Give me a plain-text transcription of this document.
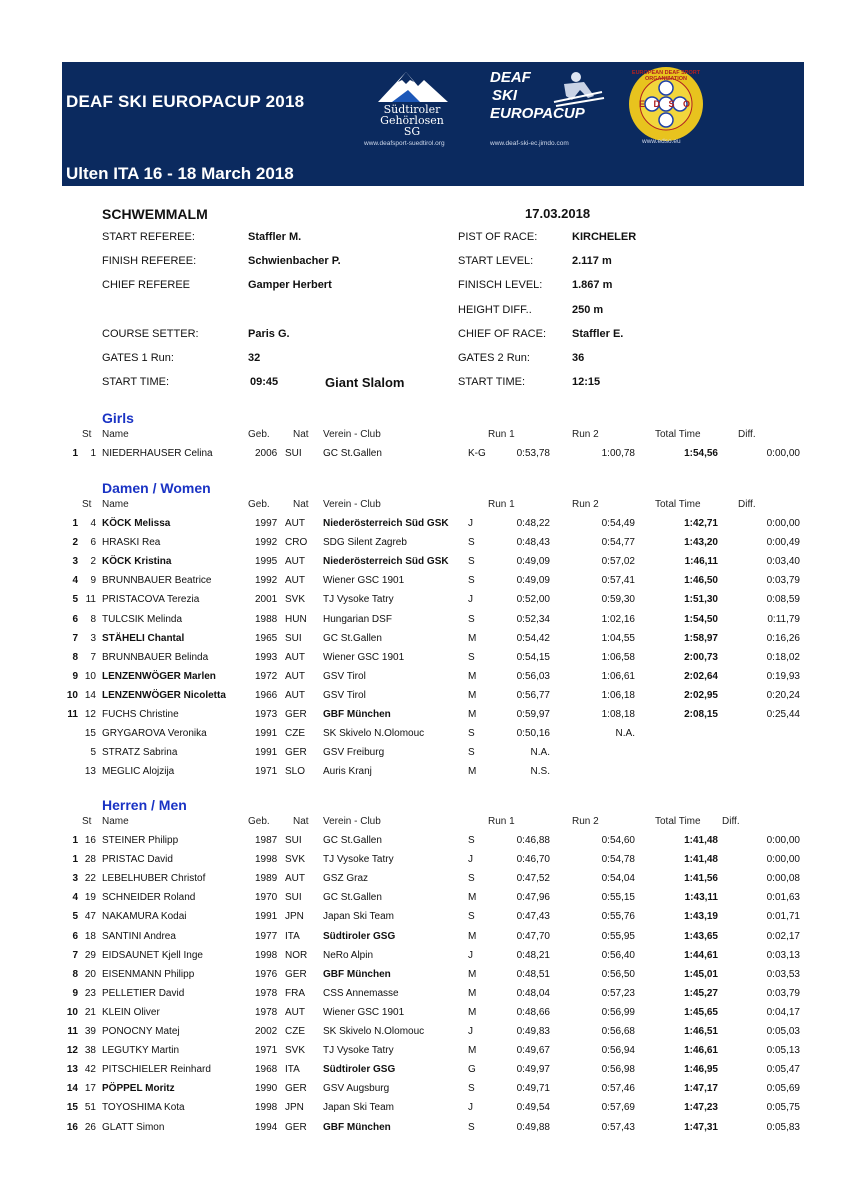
DEAF SKI EUROPACUP 2018	Südtiroler Gehörlosen SG
www.deafsport-suedtirol.org
DEAF
SKI
EUROPACUP
www.deaf-ski-ec.jimdo.com
EUROPEAN DEAF SPORT ORGANIZATION
E D S O
www.edso.eu
Ulten ITA 16 - 18 March 2018
SCHWEMMALM	17.03.2018
START REFEREE:	Staffler M.
FINISH REFEREE:	Schwienbacher P.
CHIEF REFEREE	Gamper Herbert
COURSE SETTER:	Paris G.
GATES 1 Run:	32
START TIME:	09:45	Giant Slalom
PIST OF RACE:	KIRCHELER
START LEVEL:	2.117 m
FINISCH LEVEL:	1.867 m
HEIGHT DIFF..	250 m
CHIEF OF RACE: Staffler E.
GATES 2 Run:	36
START TIME:	12:15
Girls
St Name	Geb. Nat Verein - Club	Run 1	Run 2	Total Time	Diff.
1	1 NIEDERHAUSER Celina	2006 SUI GC St.Gallen	K-G	0:53,78	1:00,78	1:54,56	0:00,00
Damen / Women
St Name	Geb. Nat Verein - Club	Run 1	Run 2	Total Time	Diff.
1	4 KÖCK Melissa	1997 AUT Niederösterreich Süd GSK J	0:48,22	0:54,49	1:42,71	0:00,00
2	6 HRASKI Rea	1992 CRO SDG Silent Zagreb	S	0:48,43	0:54,77	1:43,20	0:00,49
3	2 KÖCK Kristina	1995 AUT Niederösterreich Süd GSK S	0:49,09	0:57,02	1:46,11	0:03,40
4	9 BRUNNBAUER Beatrice	1992 AUT Wiener GSC 1901	S	0:49,09	0:57,41	1:46,50	0:03,79
5 11 PRISTACOVA Terezia	2001 SVK TJ Vysoke Tatry	J	0:52,00	0:59,30	1:51,30	0:08,59
6	8 TULCSIK Melinda	1988 HUN Hungarian DSF	S	0:52,34	1:02,16	1:54,50	0:11,79
7	3 STÄHELI Chantal	1965 SUI GC St.Gallen	M	0:54,42	1:04,55	1:58,97	0:16,26
8	7 BRUNNBAUER Belinda	1993 AUT Wiener GSC 1901	S	0:54,15	1:06,58	2:00,73	0:18,02
9 10 LENZENWÖGER Marlen	1972 AUT GSV Tirol	M	0:56,03	1:06,61	2:02,64	0:19,93
10 14 LENZENWÖGER Nicoletta	1966 AUT GSV Tirol	M	0:56,77	1:06,18	2:02,95	0:20,24
11 12 FUCHS Christine	1973 GER GBF München	M	0:59,97	1:08,18	2:08,15	0:25,44
15 GRYGAROVA Veronika	1991 CZE SK Skivelo N.Olomouc	S	0:50,16	N.A.
5 STRATZ Sabrina	1991 GER GSV Freiburg	S	N.A.
13 MEGLIC Alojzija	1971 SLO Auris Kranj	M	N.S.
Herren / Men
St Name	Geb. Nat Verein - Club	Run 1	Run 2	Total Time Diff.
1 16 STEINER Philipp	1987 SUI GC St.Gallen	S	0:46,88	0:54,60	1:41,48	0:00,00
1 28 PRISTAC David	1998 SVK TJ Vysoke Tatry	J	0:46,70	0:54,78	1:41,48	0:00,00
3 22 LEBELHUBER Christof	1989 AUT GSZ Graz	S	0:47,52	0:54,04	1:41,56	0:00,08
4 19 SCHNEIDER Roland	1970 SUI GC St.Gallen	M	0:47,96	0:55,15	1:43,11	0:01,63
5 47 NAKAMURA Kodai	1991 JPN Japan Ski Team	S	0:47,43	0:55,76	1:43,19	0:01,71
6 18 SANTINI Andrea	1977 ITA Südtiroler GSG	M	0:47,70	0:55,95	1:43,65	0:02,17
7 29 EIDSAUNET Kjell Inge	1998 NOR NeRo Alpin	J	0:48,21	0:56,40	1:44,61	0:03,13
8 20 EISENMANN Philipp	1976 GER GBF München	M	0:48,51	0:56,50	1:45,01	0:03,53
9 23 PELLETIER David	1978 FRA CSS Annemasse	M	0:48,04	0:57,23	1:45,27	0:03,79
10 21 KLEIN Oliver	1978 AUT Wiener GSC 1901	M	0:48,66	0:56,99	1:45,65	0:04,17
11 39 PONOCNY Matej	2002 CZE SK Skivelo N.Olomouc	J	0:49,83	0:56,68	1:46,51	0:05,03
12 38 LEGUTKY Martin	1971 SVK TJ Vysoke Tatry	M	0:49,67	0:56,94	1:46,61	0:05,13
13 42 PITSCHIELER Reinhard	1968 ITA Südtiroler GSG	G	0:49,97	0:56,98	1:46,95	0:05,47
14 17 PÖPPEL Moritz	1990 GER GSV Augsburg	S	0:49,71	0:57,46	1:47,17	0:05,69
15 51 TOYOSHIMA Kota	1998 JPN Japan Ski Team	J	0:49,54	0:57,69	1:47,23	0:05,75
16 26 GLATT Simon	1994 GER GBF München	S	0:49,88	0:57,43	1:47,31	0:05,83
